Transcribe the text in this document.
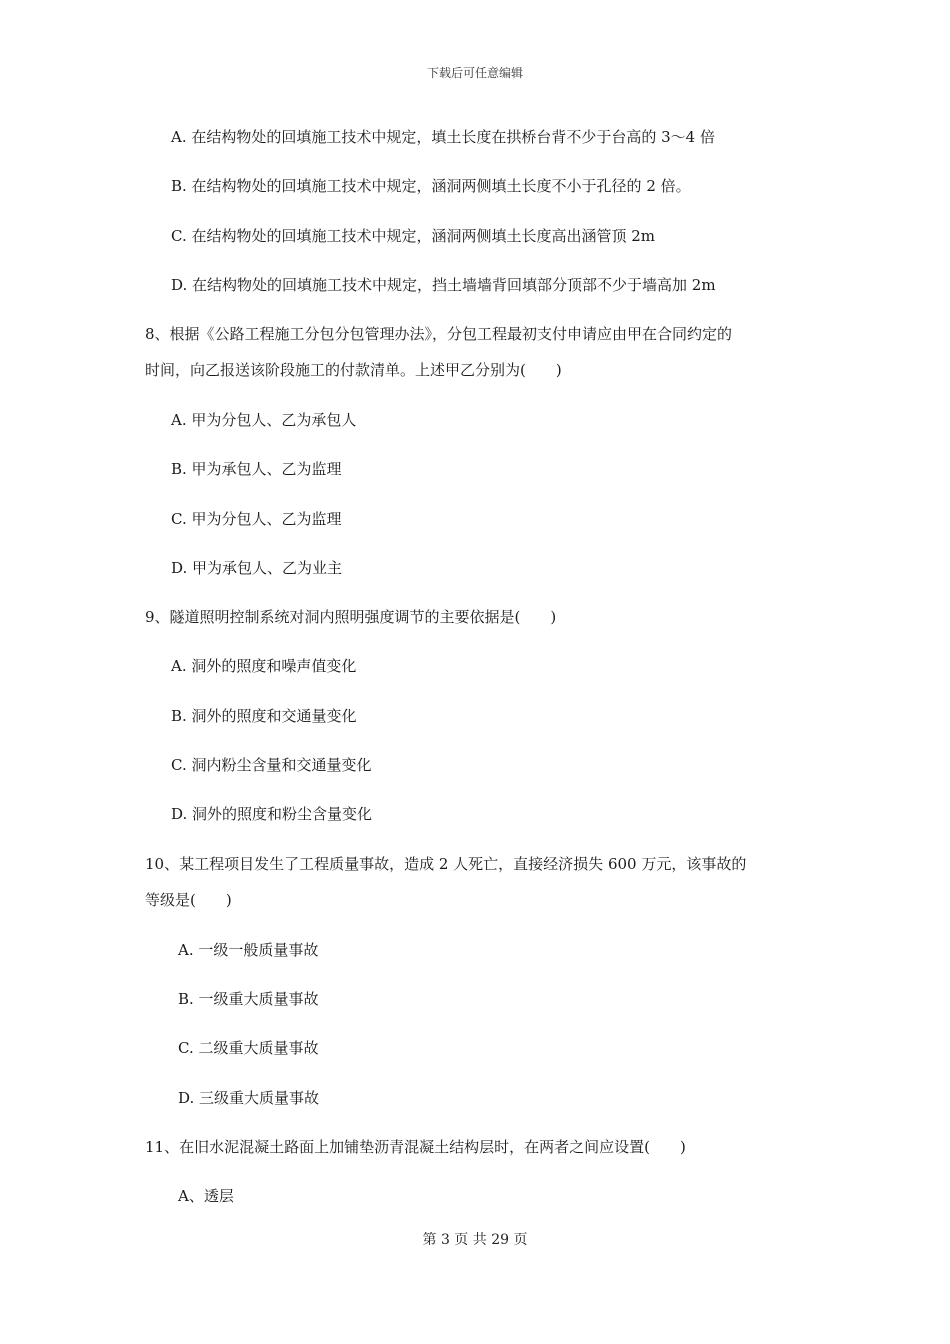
下载后可任意编辑
A. 在结构物处的回填施工技术中规定，填土长度在拱桥台背不少于台高的 3～4 倍
B. 在结构物处的回填施工技术中规定，涵洞两侧填土长度不小于孔径的 2 倍。
C. 在结构物处的回填施工技术中规定，涵洞两侧填土长度高出涵管顶 2m
D. 在结构物处的回填施工技术中规定，挡土墙墙背回填部分顶部不少于墙高加 2m
8、根据《公路工程施工分包分包管理办法》，分包工程最初支付申请应由甲在合同约定的
时间，向乙报送该阶段施工的付款清单。上述甲乙分别为(　　)
A. 甲为分包人、乙为承包人
B. 甲为承包人、乙为监理
C. 甲为分包人、乙为监理
D. 甲为承包人、乙为业主
9、隧道照明控制系统对洞内照明强度调节的主要依据是(　　)
A. 洞外的照度和噪声值变化
B. 洞外的照度和交通量变化
C. 洞内粉尘含量和交通量变化
D. 洞外的照度和粉尘含量变化
10、某工程项目发生了工程质量事故，造成 2 人死亡，直接经济损失 600 万元，该事故的
等级是(　　)
A. 一级一般质量事故
B. 一级重大质量事故
C. 二级重大质量事故
D. 三级重大质量事故
11、在旧水泥混凝土路面上加铺垫沥青混凝土结构层时，在两者之间应设置(　　)
A、透层
第 3 页 共 29 页
